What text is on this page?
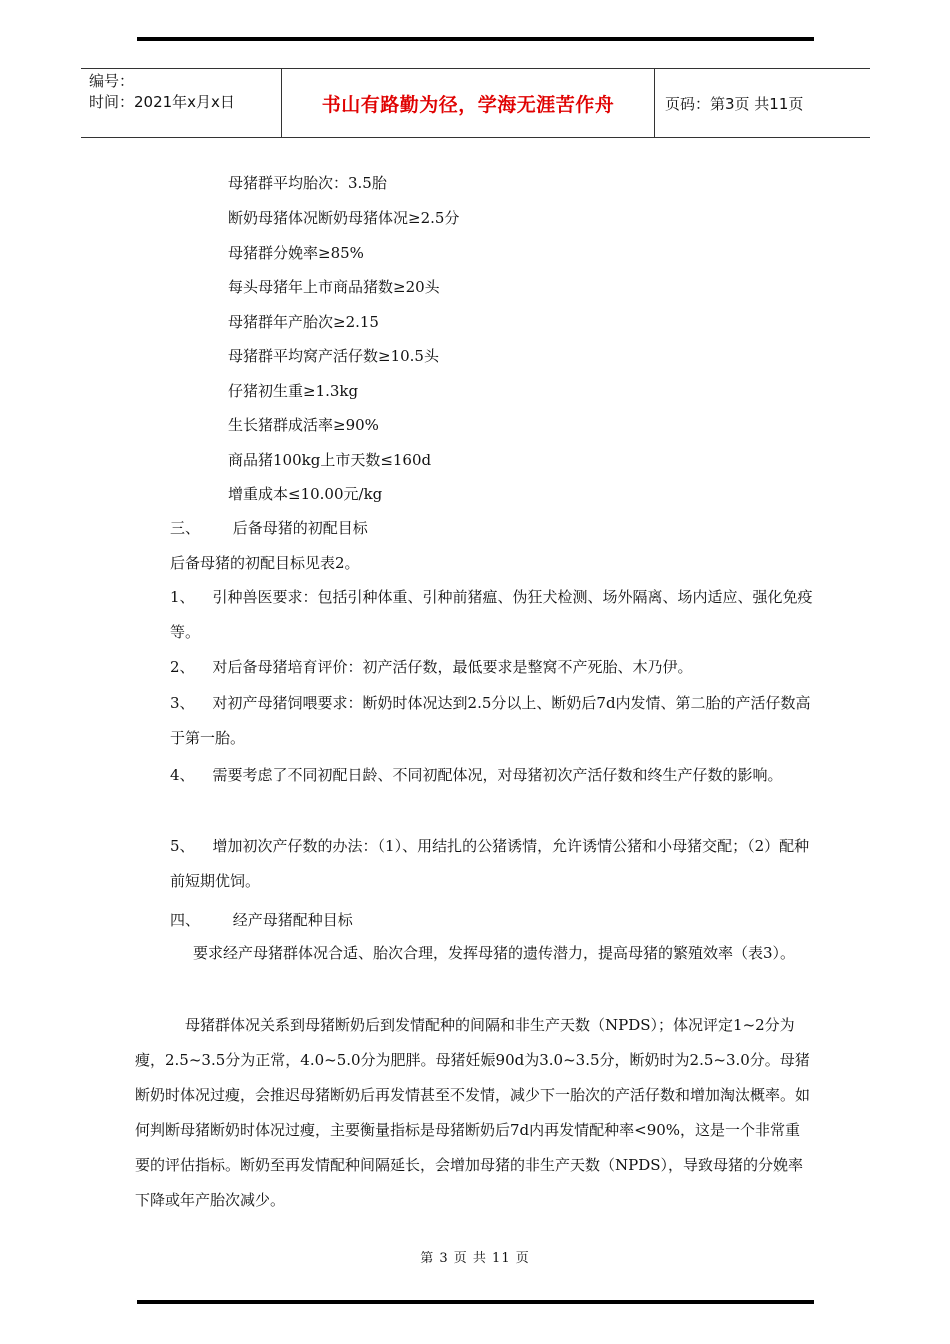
编号：
时间：2021年x月x日	书山有路勤为径，学海无涯苦作舟	页码：第3页 共11页
母猪群平均胎次：3.5胎
断奶母猪体况断奶母猪体况≥2.5分
母猪群分娩率≥85%
每头母猪年上市商品猪数≥20头
母猪群年产胎次≥2.15
母猪群平均窝产活仔数≥10.5头
仔猪初生重≥1.3kg
生长猪群成活率≥90%
商品猪100kg上市天数≤160d
增重成本≤10.00元/kg
三、 后备母猪的初配目标
后备母猪的初配目标见表2。
1、 引种兽医要求：包括引种体重、引种前猪瘟、伪狂犬检测、场外隔离、场内适应、强化免疫等。
2、 对后备母猪培育评价：初产活仔数，最低要求是整窝不产死胎、木乃伊。
3、 对初产母猪饲喂要求：断奶时体况达到2.5分以上、断奶后7d内发情、第二胎的产活仔数高于第一胎。
4、 需要考虑了不同初配日龄、不同初配体况，对母猪初次产活仔数和终生产仔数的影响。
5、 增加初次产仔数的办法：（1）、用结扎的公猪诱情，允许诱情公猪和小母猪交配；（2）配种前短期优饲。
四、 经产母猪配种目标
要求经产母猪群体况合适、胎次合理，发挥母猪的遗传潜力，提高母猪的繁殖效率（表3）。
母猪群体况关系到母猪断奶后到发情配种的间隔和非生产天数（NPDS）；体况评定1~2分为瘦，2.5~3.5分为正常，4.0~5.0分为肥胖。母猪妊娠90d为3.0~3.5分，断奶时为2.5~3.0分。母猪断奶时体况过瘦，会推迟母猪断奶后再发情甚至不发情，减少下一胎次的产活仔数和增加淘汰概率。如何判断母猪断奶时体况过瘦，主要衡量指标是母猪断奶后7d内再发情配种率<90%，这是一个非常重要的评估指标。断奶至再发情配种间隔延长，会增加母猪的非生产天数（NPDS），导致母猪的分娩率下降或年产胎次减少。
第 3 页 共 11 页
